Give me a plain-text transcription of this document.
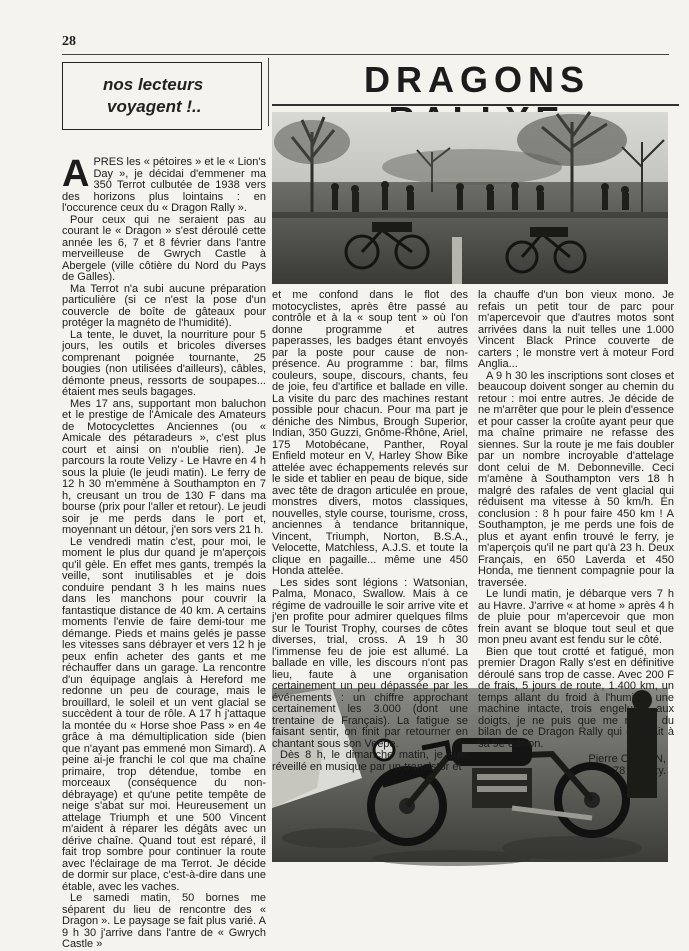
28
nos lecteurs
voyagent !..
DRAGONS

APRES les « pétoires » et le « Lion's Day », je décidai d'emmener ma 350 Terrot culbutée de 1938 vers des horizons plus lointains : en l'occurence ceux du « Dragon Rally ».

Pour ceux qui ne seraient pas au courant le « Dragon » s'est déroulé cette année les 6, 7 et 8 février dans l'antre merveilleuse de Gwrych Castle à Abergele (ville côtière du Nord du Pays de Galles).

Ma Terrot n'a subi aucune préparation particulière (si ce n'est la pose d'un couvercle de boîte de gâteaux pour protéger la magnéto de l'humidité).

La tente, le duvet, la nourriture pour 5 jours, les outils et bricoles diverses comprenant poignée tournante, 25 bougies (non utilisées d'ailleurs), câbles, démonte pneus, ressorts de soupapes... étaient mes seuls bagages.

Mes 17 ans, supportant mon baluchon et le prestige de l'Amicale des Amateurs de Motocyclettes Anciennes (ou « Amicale des pétaradeurs », c'est plus court et ainsi on n'oublie rien). Je parcours la route Velizy - Le Havre en 4 h sous la pluie (le jeudi matin). Le ferry de 12 h 30 m'emmène à Southampton en 7 h, creusant un trou de 130 F dans ma bourse (prix pour l'aller et retour). Le jeudi soir je me perds dans le port et, moyennant un détour, j'en sors vers 21 h.

Le vendredi matin c'est, pour moi, le moment le plus dur quand je m'aperçois qu'il gèle. En effet mes gants, trempés la veille, sont inutilisables et je dois conduire pendant 3 h les mains nues dans les manchons pour couvrir la fantastique distance de 40 km. A certains moments l'envie de faire demi-tour me démange. Pieds et mains gelés je passe les vitesses sans débrayer et vers 12 h je peux enfin acheter des gants et me réchauffer dans un garage. La rencontre d'un équipage anglais à Hereford me redonne un peu de courage, mais le brouillard, le soleil et un vent glacial se succèdent à tour de rôle. A 17 h j'attaque la montée du « Horse shoe Pass » en 4e grâce à ma démultiplication side (bien que n'ayant pas emmené mon Simard). A peine ai-je franchi le col que ma chaîne primaire, trop détendue, tombe en morceaux (conséquence du non-débrayage) et qu'une petite tempête de neige s'abat sur moi. Heureusement un attelage Triumph et une 500 Vincent m'aident à réparer les dégâts avec un dérive chaîne. Quand tout est réparé, il fait trop sombre pour continuer la route avec l'éclairage de ma Terrot. Je décide de dormir sur place, c'est-à-dire dans une étable, avec les vaches.

Le samedi matin, 50 bornes me séparent du lieu de rencontre des « Dragon ». Le paysage se fait plus varié. A 9 h 30 j'arrive dans l'antre de « Gwrych Castle »

et me confond dans le flot des motocyclistes, après être passé au contrôle et à la « soup tent » où l'on donne programme et autres paperasses, les badges étant envoyés par la poste pour cause de non-présence. Au programme : bar, films couleurs, soupe, discours, chants, feu de joie, feu d'artifice et ballade en ville. La visite du parc des machines restant possible pour chacun. Pour ma part je déniche des Nimbus, Brough Superior, Indian, 350 Guzzi, Gnôme-Rhône, Ariel, 175 Motobécane, Panther, Royal Enfield moteur en V, Harley Show Bike attelée avec échappements relevés sur le side et tablier en peau de bique, side avec tête de dragon articulée en proue, monstres divers, motos classiques, nouvelles, style course, tourisme, cross, anciennes à tendance britannique, Vincent, Triumph, Norton, B.S.A., Velocette, Matchless, A.J.S. et toute la clique en pagaille... même une 450 Honda attelée.

Les sides sont légions : Watsonian, Palma, Monaco, Swallow. Mais à ce régime de vadrouille le soir arrive vite et j'en profite pour admirer quelques films sur le Tourist Trophy, courses de côtes diverses, trial, cross. A 19 h 30 l'immense feu de joie est allumé. La ballade en ville, les discours n'ont pas lieu, faute à une organisation certainement un peu dépassée par les événements : un chiffre approchant certainement les 3.000 (dont une trentaine de Français). La fatigue se faisant sentir, on finit par retourner en chantant sous son Veepe.

Dès 8 h, le dimanche matin, je suis réveillé en musique par un transistor et

la chauffe d'un bon vieux mono. Je refais un petit tour de parc pour m'apercevoir que d'autres motos sont arrivées dans la nuit telles une 1.000 Vincent Black Prince couverte de carters ; le monstre vert à moteur Ford Anglia...

A 9 h 30 les inscriptions sont closes et beaucoup doivent songer au chemin du retour : moi entre autres. Je décide de ne m'arrêter que pour le plein d'essence et pour casser la croûte ayant peur que ma chaîne primaire ne refasse des siennes. Sur la route je me fais doubler par un nombre incroyable d'attelage dont celui de M. Debonneville. Ceci m'amène à Southampton vers 18 h malgré des rafales de vent glacial qui réduisent ma vitesse à 50 km/h. En conclusion : 8 h pour faire 450 km ! A Southampton, je me perds une fois de plus et ayant enfin trouvé le ferry, je m'aperçois qu'il ne part qu'à 23 h. Deux Français, en 650 Laverda et 450 Honda, me tiennent compagnie pour la traversée.

Le lundi matin, je débarque vers 7 h au Havre. J'arrive « at home » après 4 h de pluie pour m'apercevoir que mon frein avant se bloque tout seul et que mon pneu avant est fendu sur le côté.

Bien que tout crotté et fatigué, mon premier Dragon Rally s'est en définitive déroulé sans trop de casse. Avec 200 F de frais, 5 jours de route, 1.400 km, un temps allant du froid à l'humide, une machine intacte, trois engelures aux doigts, je ne puis que me réjouir du bilan de ce Dragon Rally qui en était à sa 9e édition.

Pierre COUTIN,
78 - Velizy.
